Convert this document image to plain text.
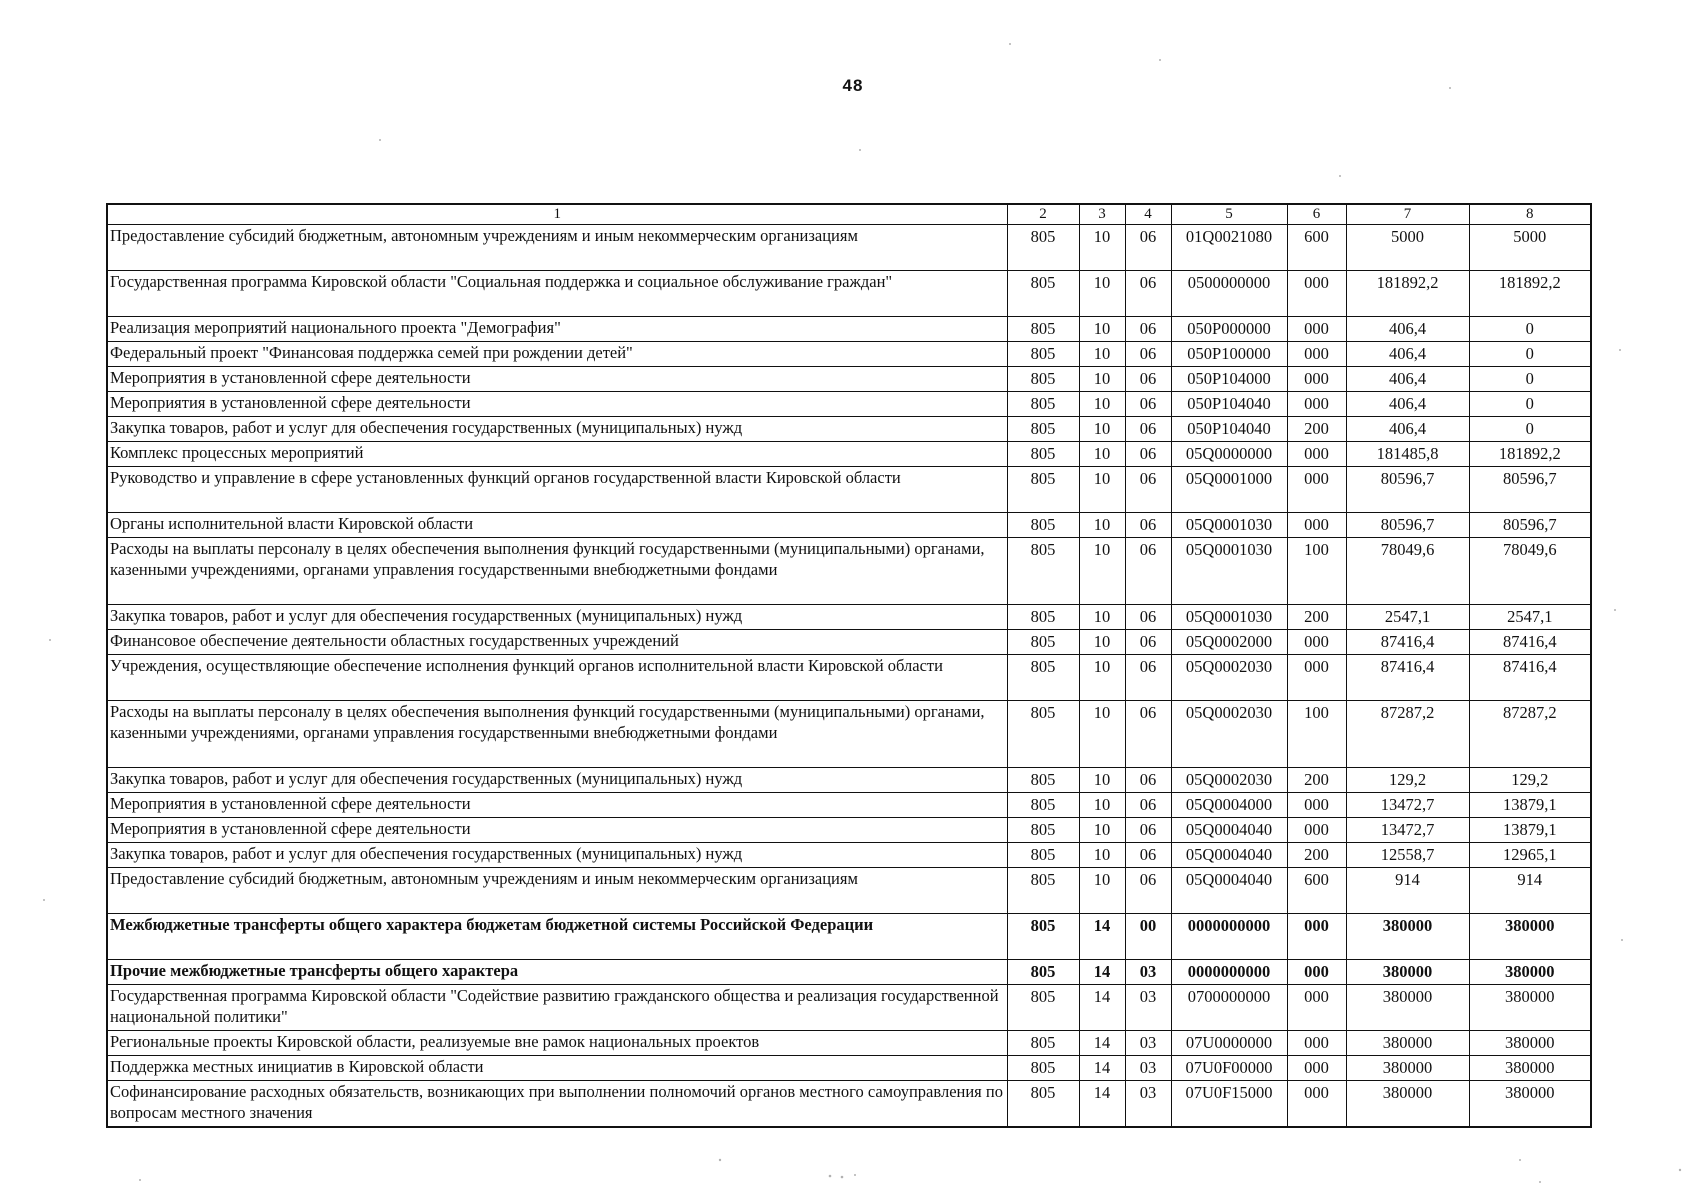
48
1	2	3	4	5	6	7	8
Предоставление субсидий бюджетным, автономным учреждениям и иным некоммерческим организациям	805	10	06	01Q0021080	600	5000	5000
Государственная программа Кировской области "Социальная поддержка и социальное обслуживание граждан"	805	10	06	0500000000	000	181892,2	181892,2
Реализация мероприятий национального проекта "Демография"	805	10	06	050P000000	000	406,4	0
Федеральный проект "Финансовая поддержка семей при рождении детей"	805	10	06	050P100000	000	406,4	0
Мероприятия в установленной сфере деятельности	805	10	06	050P104000	000	406,4	0
Мероприятия в установленной сфере деятельности	805	10	06	050P104040	000	406,4	0
Закупка товаров, работ и услуг для обеспечения государственных (муниципальных) нужд	805	10	06	050P104040	200	406,4	0
Комплекс процессных мероприятий	805	10	06	05Q0000000	000	181485,8	181892,2
Руководство и управление в сфере установленных функций органов государственной власти Кировской области	805	10	06	05Q0001000	000	80596,7	80596,7
Органы исполнительной власти Кировской области	805	10	06	05Q0001030	000	80596,7	80596,7
Расходы на выплаты персоналу в целях обеспечения выполнения функций государственными (муниципальными) органами, казенными учреждениями, органами управления государственными внебюджетными фондами	805	10	06	05Q0001030	100	78049,6	78049,6
Закупка товаров, работ и услуг для обеспечения государственных (муниципальных) нужд	805	10	06	05Q0001030	200	2547,1	2547,1
Финансовое обеспечение деятельности областных государственных учреждений	805	10	06	05Q0002000	000	87416,4	87416,4
Учреждения, осуществляющие обеспечение исполнения функций органов исполнительной власти Кировской области	805	10	06	05Q0002030	000	87416,4	87416,4
Расходы на выплаты персоналу в целях обеспечения выполнения функций государственными (муниципальными) органами, казенными учреждениями, органами управления государственными внебюджетными фондами	805	10	06	05Q0002030	100	87287,2	87287,2
Закупка товаров, работ и услуг для обеспечения государственных (муниципальных) нужд	805	10	06	05Q0002030	200	129,2	129,2
Мероприятия в установленной сфере деятельности	805	10	06	05Q0004000	000	13472,7	13879,1
Мероприятия в установленной сфере деятельности	805	10	06	05Q0004040	000	13472,7	13879,1
Закупка товаров, работ и услуг для обеспечения государственных (муниципальных) нужд	805	10	06	05Q0004040	200	12558,7	12965,1
Предоставление субсидий бюджетным, автономным учреждениям и иным некоммерческим организациям	805	10	06	05Q0004040	600	914	914
Межбюджетные трансферты общего характера бюджетам бюджетной системы Российской Федерации	805	14	00	0000000000	000	380000	380000
Прочие межбюджетные трансферты общего характера	805	14	03	0000000000	000	380000	380000
Государственная программа Кировской области "Содействие развитию гражданского общества и реализация государственной национальной политики"	805	14	03	0700000000	000	380000	380000
Региональные проекты Кировской области, реализуемые вне рамок национальных проектов	805	14	03	07U0000000	000	380000	380000
Поддержка местных инициатив в Кировской области	805	14	03	07U0F00000	000	380000	380000
Софинансирование расходных обязательств, возникающих при выполнении полномочий органов местного самоуправления по вопросам местного значения	805	14	03	07U0F15000	000	380000	380000
